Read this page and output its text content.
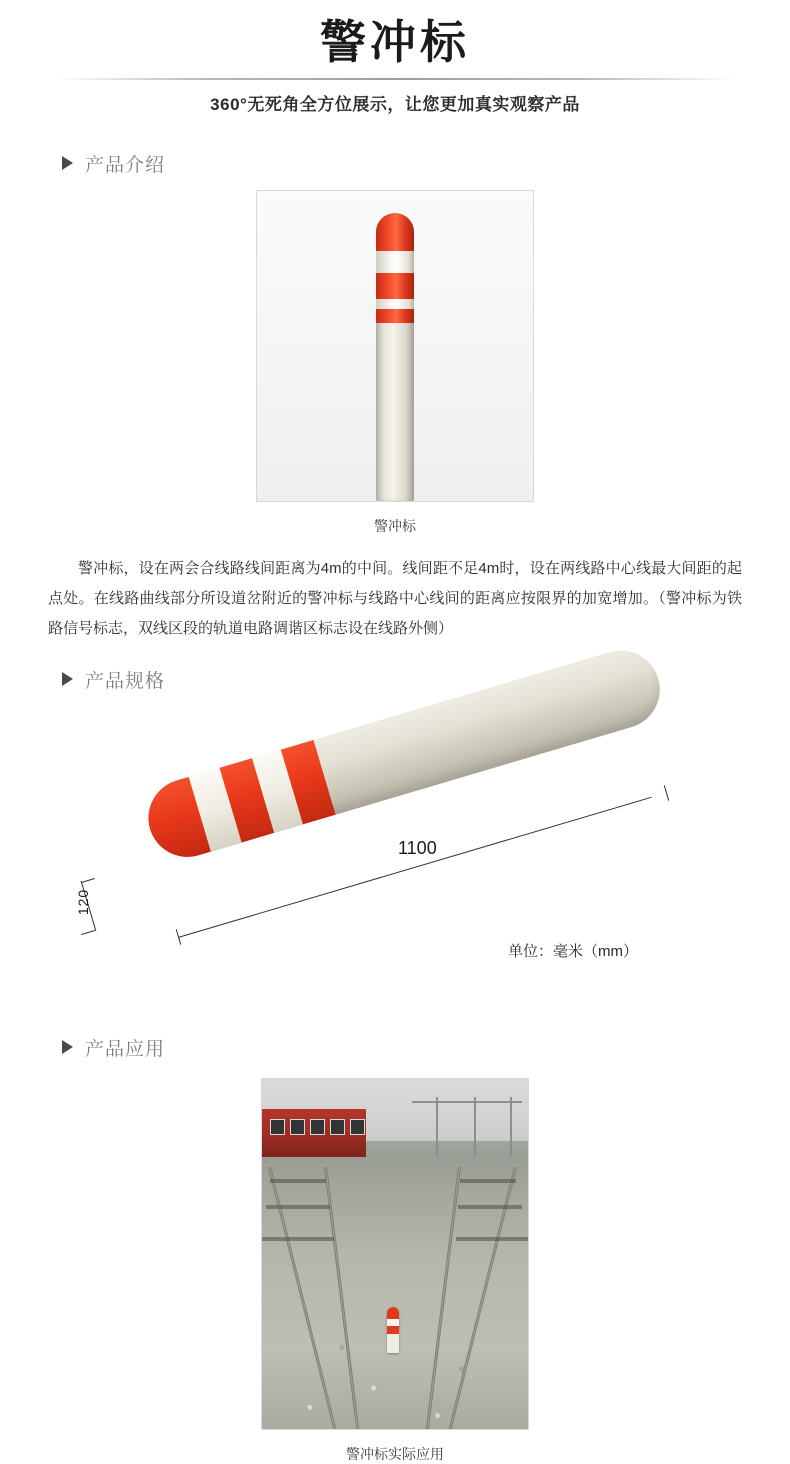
警冲标
360°无死角全方位展示，让您更加真实观察产品
产品介绍
警冲标
警冲标，设在两会合线路线间距离为4m的中间。线间距不足4m时，设在两线路中心线最大间距的起点处。在线路曲线部分所设道岔附近的警冲标与线路中心线间的距离应按限界的加宽增加。（警冲标为铁路信号标志，双线区段的轨道电路调谐区标志设在线路外侧）
产品规格
120
单位：毫米（mm）
1100
产品应用
警冲标实际应用
